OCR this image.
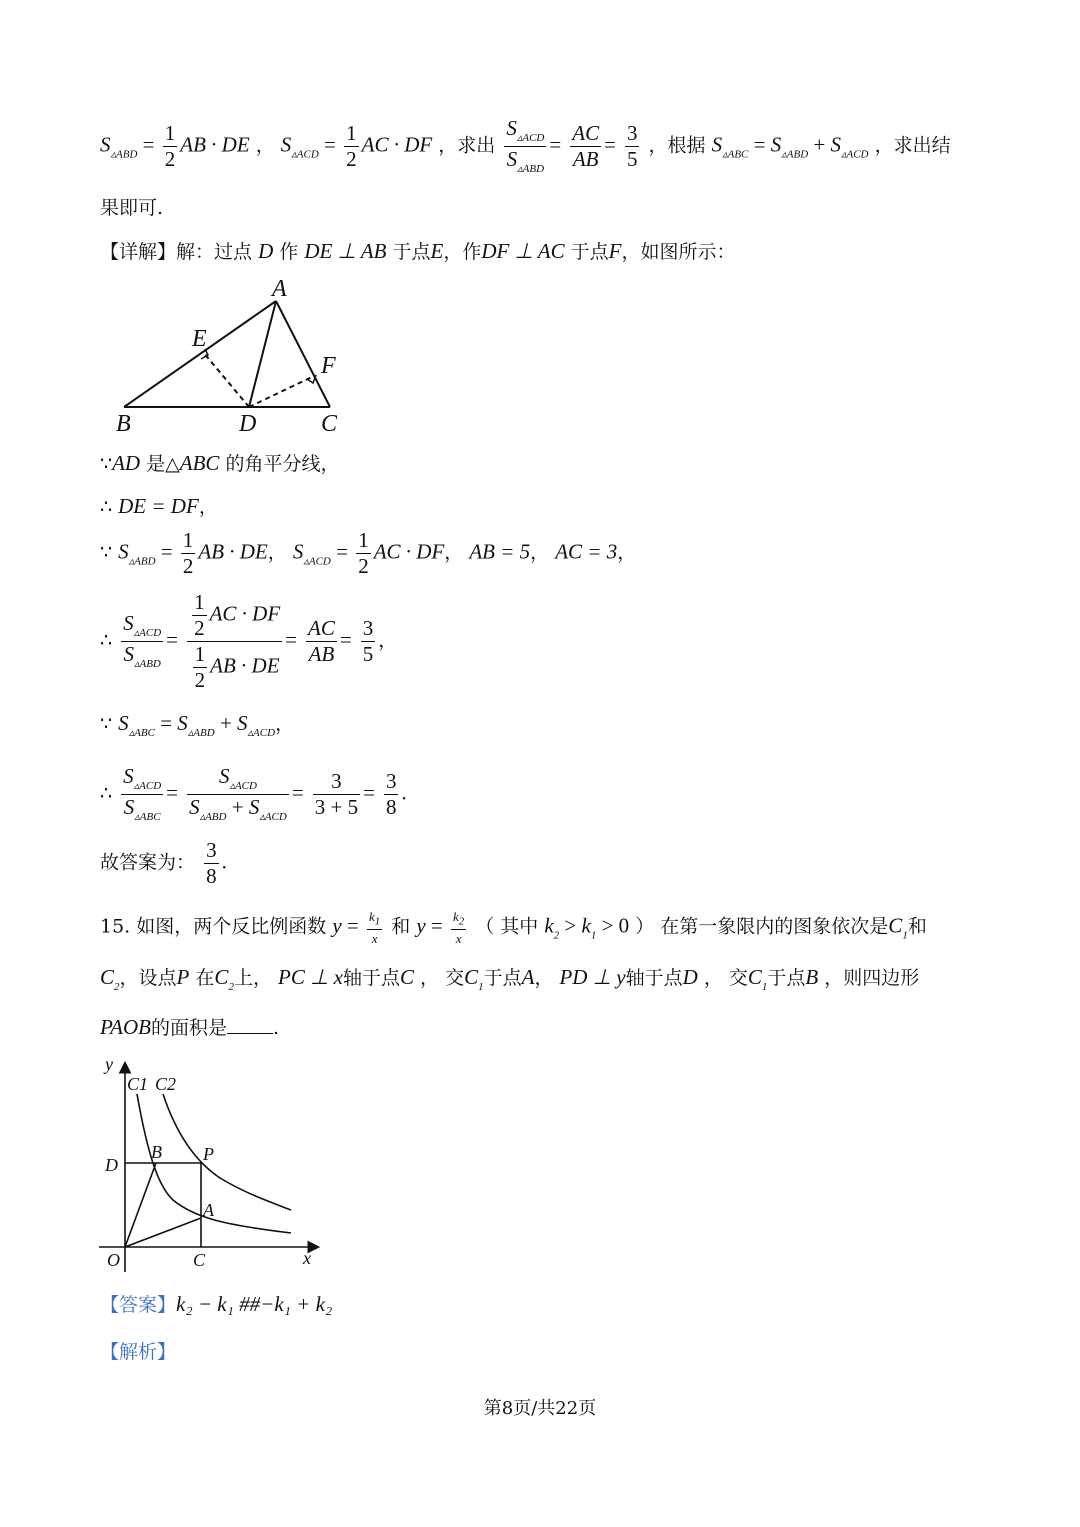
$S_{▵ABD} = \frac{1}{2}$ AB · DE ， $S_{▵ACD} = \frac{1}{2}$ AC · DF ，求出 $\frac{S_{▵ACD}}{S_{▵ABD}} = \frac{AC}{AB} = \frac{3}{5}$ ，根据 $S_{▵ABC} = S_{▵ABD} + S_{▵ACD}$ ，求出结
果即可.
【详解】解：过点 D 作 DE ⊥ AB 于点E，作DF ⊥ AC 于点F，如图所示：
A
E
F
B	D	C
∵AD 是△ABC 的角平分线，
∴ DE = DF，
∵ $S_{▵ABD} = \frac{1}{2}$ AB · DE， $S_{▵ACD} = \frac{1}{2}$ AC · DF， AB = 5， AC = 3，
∴ $\frac{S_{▵ACD}}{S_{▵ABD}} = \frac{\frac{1}{2} AC \cdot DF}{\frac{1}{2} AB \cdot DE} = \frac{AC}{AB} = \frac{3}{5}$ ，
∵ $S_{▵ABC} = S_{▵ABD} + S_{▵ACD}$，
∴ $\frac{S_{▵ACD}}{S_{▵ABC}} = \frac{S_{▵ACD}}{S_{▵ABD} + S_{▵ACD}} = \frac{3}{3 + 5} = \frac{3}{8}$ .
故答案为： $\frac{3}{8}$ .
15. 如图，两个反比例函数 $y = \frac{k_1}{x}$ 和 $y = \frac{k_2}{x}$ （ 其中 $k_2 > k_1 > 0$ ） 在第一象限内的图象依次是$C_1$和
$C_2$，设点P 在$C_2$上， PC ⊥ x轴于点C ， 交$C_1$于点A， PD ⊥ y轴于点D ， 交$C_1$于点B ，则四边形
PAOB的面积是 .
y
C1 C2
D
B P
A
O	C	x
【答案】k₂ − k₁ ##−k₁ + k₂
【解析】
第8页/共22页
